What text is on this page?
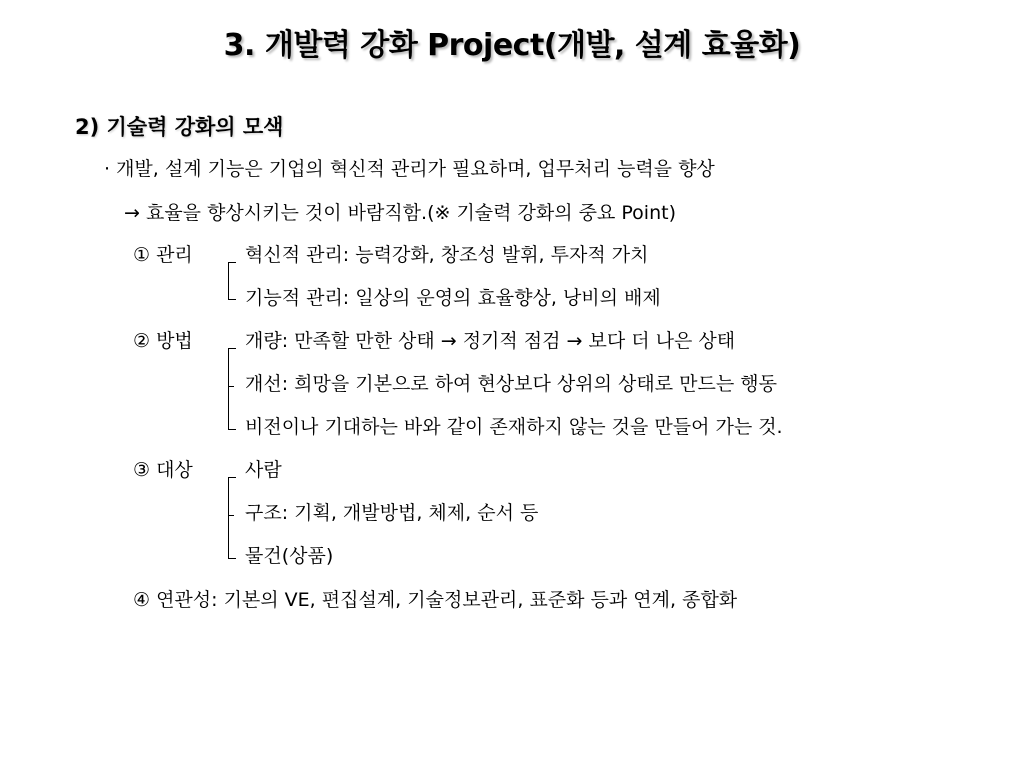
3. 개발력 강화 Project(개발, 설계 효율화)
2) 기술력 강화의 모색
· 개발, 설계 기능은 기업의 혁신적 관리가 필요하며, 업무처리 능력을 향상
→ 효율을 향상시키는 것이 바람직함.(※ 기술력 강화의 중요 Point)
① 관리	혁신적 관리: 능력강화, 창조성 발휘, 투자적 가치
기능적 관리: 일상의 운영의 효율향상, 낭비의 배제
② 방법	개량: 만족할 만한 상태 → 정기적 점검 → 보다 더 나은 상태
개선: 희망을 기본으로 하여 현상보다 상위의 상태로 만드는 행동
비전이나 기대하는 바와 같이 존재하지 않는 것을 만들어 가는 것.
③ 대상	사람
구조: 기획, 개발방법, 체제, 순서 등
물건(상품)
④ 연관성: 기본의 VE, 편집설계, 기술정보관리, 표준화 등과 연계, 종합화
